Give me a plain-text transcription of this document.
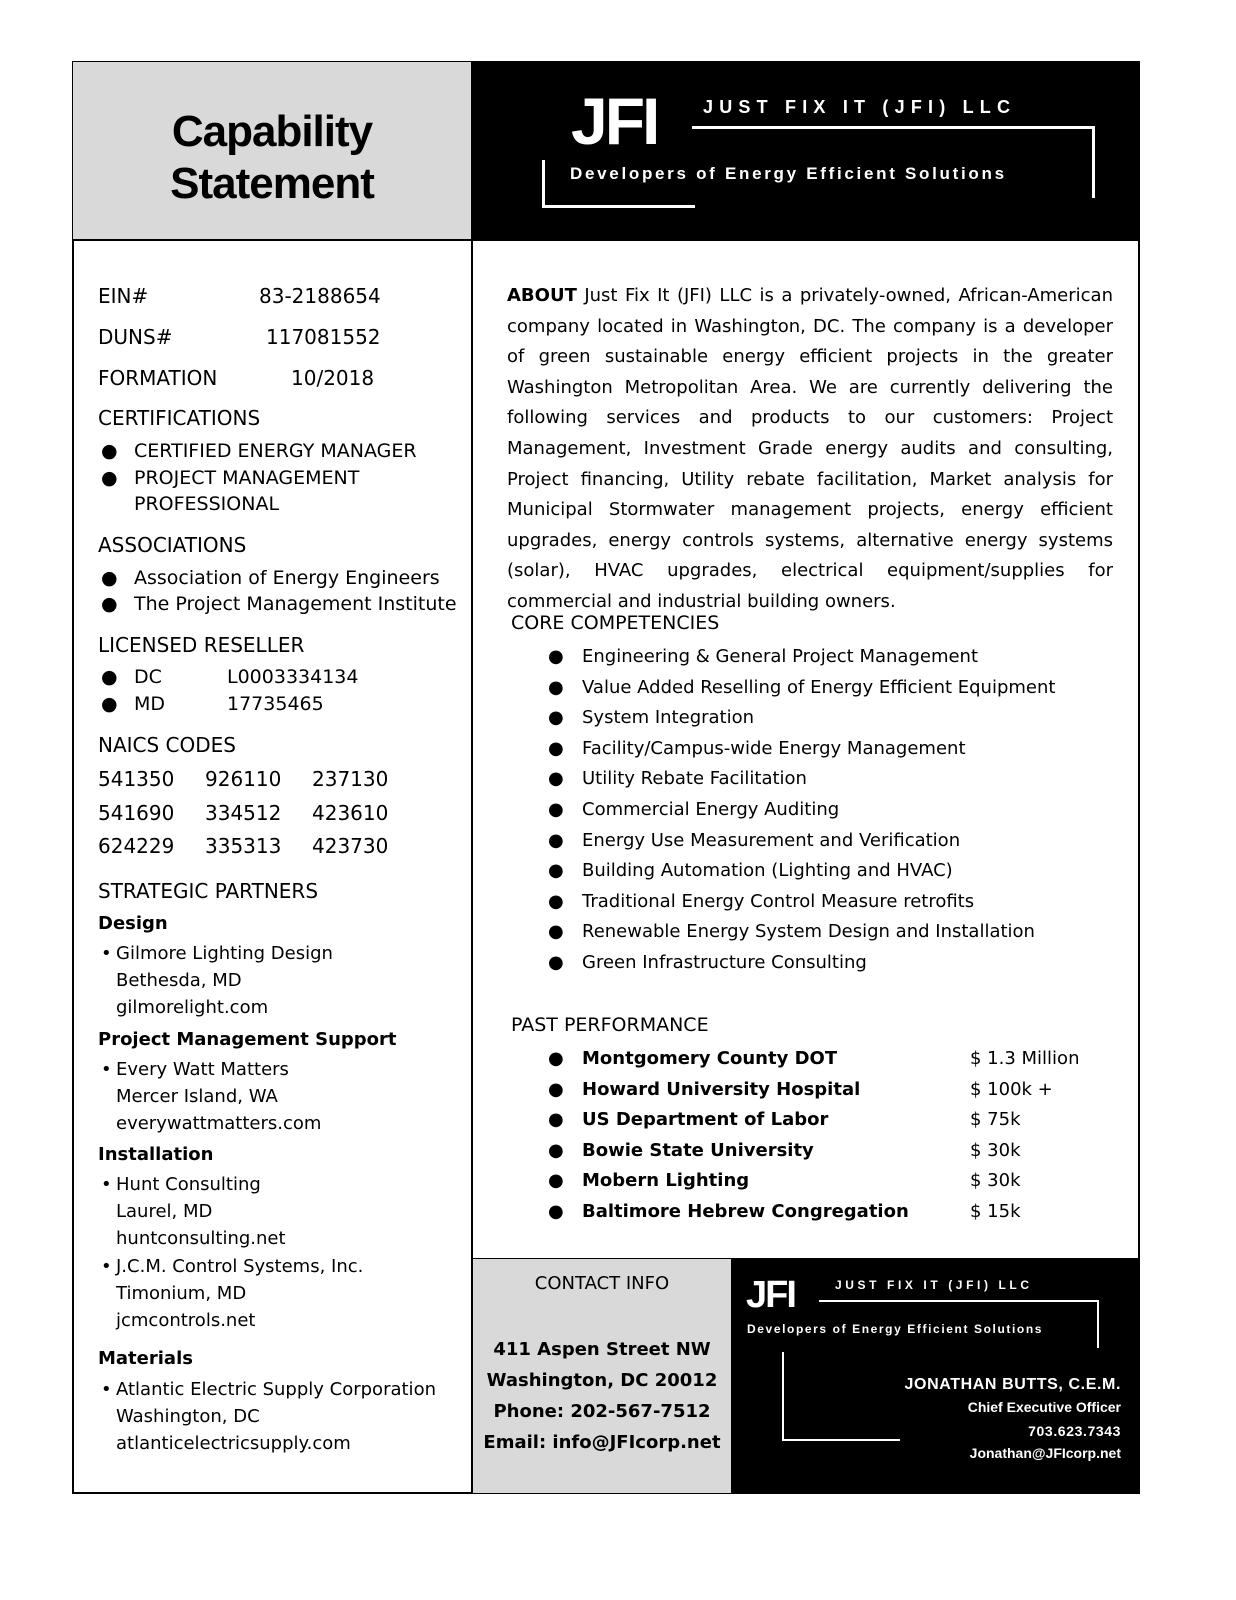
Capability
Statement
JFI	JUST FIX IT (JFI) LLC
Developers of Energy Efficient Solutions
EIN#	83-2188654
DUNS#	117081552
FORMATION	10/2018
CERTIFICATIONS
● CERTIFIED ENERGY MANAGER
● PROJECT MANAGEMENT
PROFESSIONAL
ASSOCIATIONS
● Association of Energy Engineers
● The Project Management Institute
LICENSED RESELLER
● DC	L0003334134
● MD	17735465
NAICS CODES
541350 926110 237130
541690 334512 423610
624229 335313 423730
STRATEGIC PARTNERS
Design
• Gilmore Lighting Design
Bethesda, MD
gilmorelight.com
Project Management Support
• Every Watt Matters
Mercer Island, WA
everywattmatters.com
Installation
• Hunt Consulting
Laurel, MD
huntconsulting.net
• J.C.M. Control Systems, Inc.
Timonium, MD
jcmcontrols.net
Materials
• Atlantic Electric Supply Corporation
Washington, DC
atlanticelectricsupply.com
ABOUT Just Fix It (JFI) LLC is a privately-owned, African-American company located in Washington, DC. The company is a developer of green sustainable energy efficient projects in the greater Washington Metropolitan Area. We are currently delivering the following services and products to our customers: Project Management, Investment Grade energy audits and consulting, Project financing, Utility rebate facilitation, Market analysis for Municipal Stormwater management projects, energy efficient upgrades, energy controls systems, alternative energy systems (solar), HVAC upgrades, electrical equipment/supplies for commercial and industrial building owners.
CORE COMPETENCIES
● Engineering & General Project Management
● Value Added Reselling of Energy Efficient Equipment
● System Integration
● Facility/Campus-wide Energy Management
● Utility Rebate Facilitation
● Commercial Energy Auditing
● Energy Use Measurement and Verification
● Building Automation (Lighting and HVAC)
● Traditional Energy Control Measure retrofits
● Renewable Energy System Design and Installation
● Green Infrastructure Consulting
PAST PERFORMANCE
● Montgomery County DOT	$ 1.3 Million
● Howard University Hospital	$ 100k +
● US Department of Labor	$ 75k
● Bowie State University	$ 30k
● Mobern Lighting	$ 30k
● Baltimore Hebrew Congregation	$ 15k
CONTACT INFO
411 Aspen Street NW
Washington, DC 20012
Phone: 202-567-7512
Email: info@JFIcorp.net
JFI	JUST FIX IT (JFI) LLC
Developers of Energy Efficient Solutions
JONATHAN BUTTS, C.E.M.
Chief Executive Officer
703.623.7343
Jonathan@JFIcorp.net
